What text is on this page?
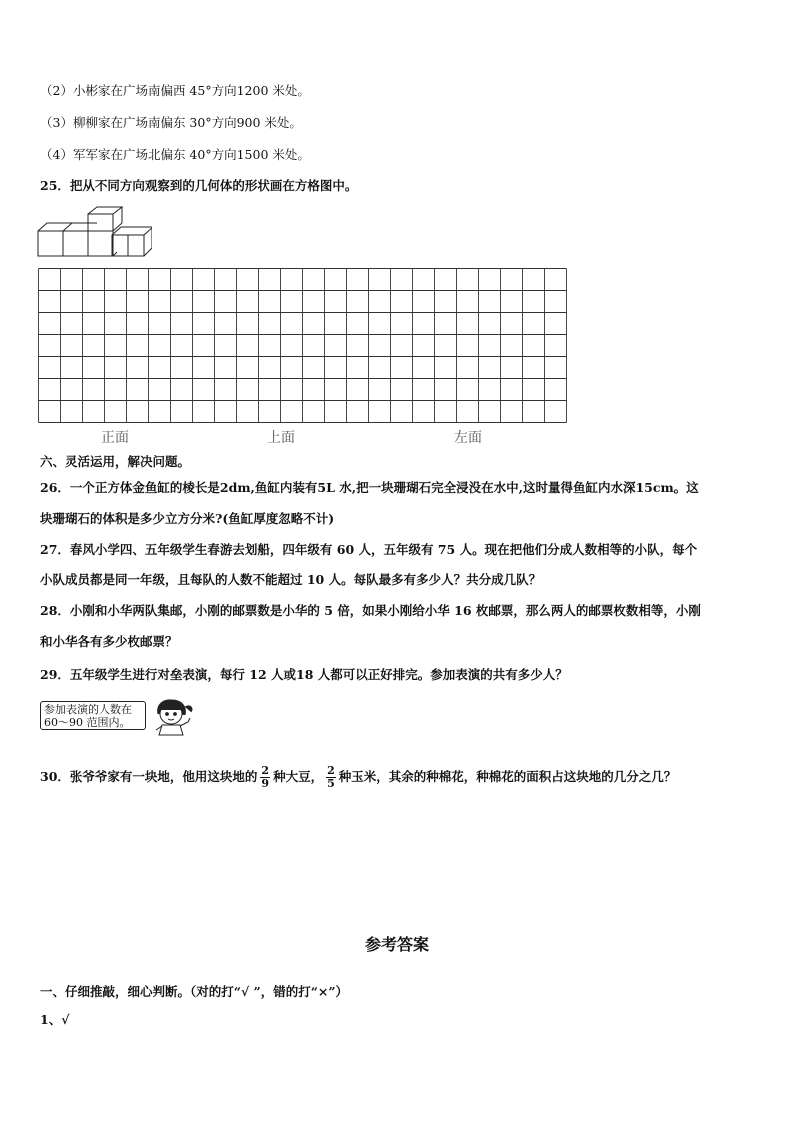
（2）小彬家在广场南偏西 45°方向1200 米处。
（3）柳柳家在广场南偏东 30°方向900 米处。
（4）军军家在广场北偏东 40°方向1500 米处。
25．把从不同方向观察到的几何体的形状画在方格图中。
正面	上面	左面
六、灵活运用，解决问题。
26．一个正方体金鱼缸的棱长是2dm,鱼缸内装有5L 水,把一块珊瑚石完全浸没在水中,这时量得鱼缸内水深15cm。这
块珊瑚石的体积是多少立方分米?(鱼缸厚度忽略不计)
27．春风小学四、五年级学生春游去划船，四年级有 60 人，五年级有 75 人。现在把他们分成人数相等的小队，每个
小队成员都是同一年级，且每队的人数不能超过 10 人。每队最多有多少人？共分成几队？
28．小刚和小华两队集邮，小刚的邮票数是小华的 5 倍，如果小刚给小华 16 枚邮票，那么两人的邮票枚数相等，小刚
和小华各有多少枚邮票？
29．五年级学生进行对垒表演，每行 12 人或18 人都可以正好排完。参加表演的共有多少人？
参加表演的人数在
60～90 范围内。
30．张爷爷家有一块地，他用这块地的 $\frac{2}{9}$ 种大豆， $\frac{2}{5}$ 种玉米，其余的种棉花，种棉花的面积占这块地的几分之几？
参考答案
一、仔细推敲，细心判断。（对的打“√ ”，错的打“×”）
1、√
